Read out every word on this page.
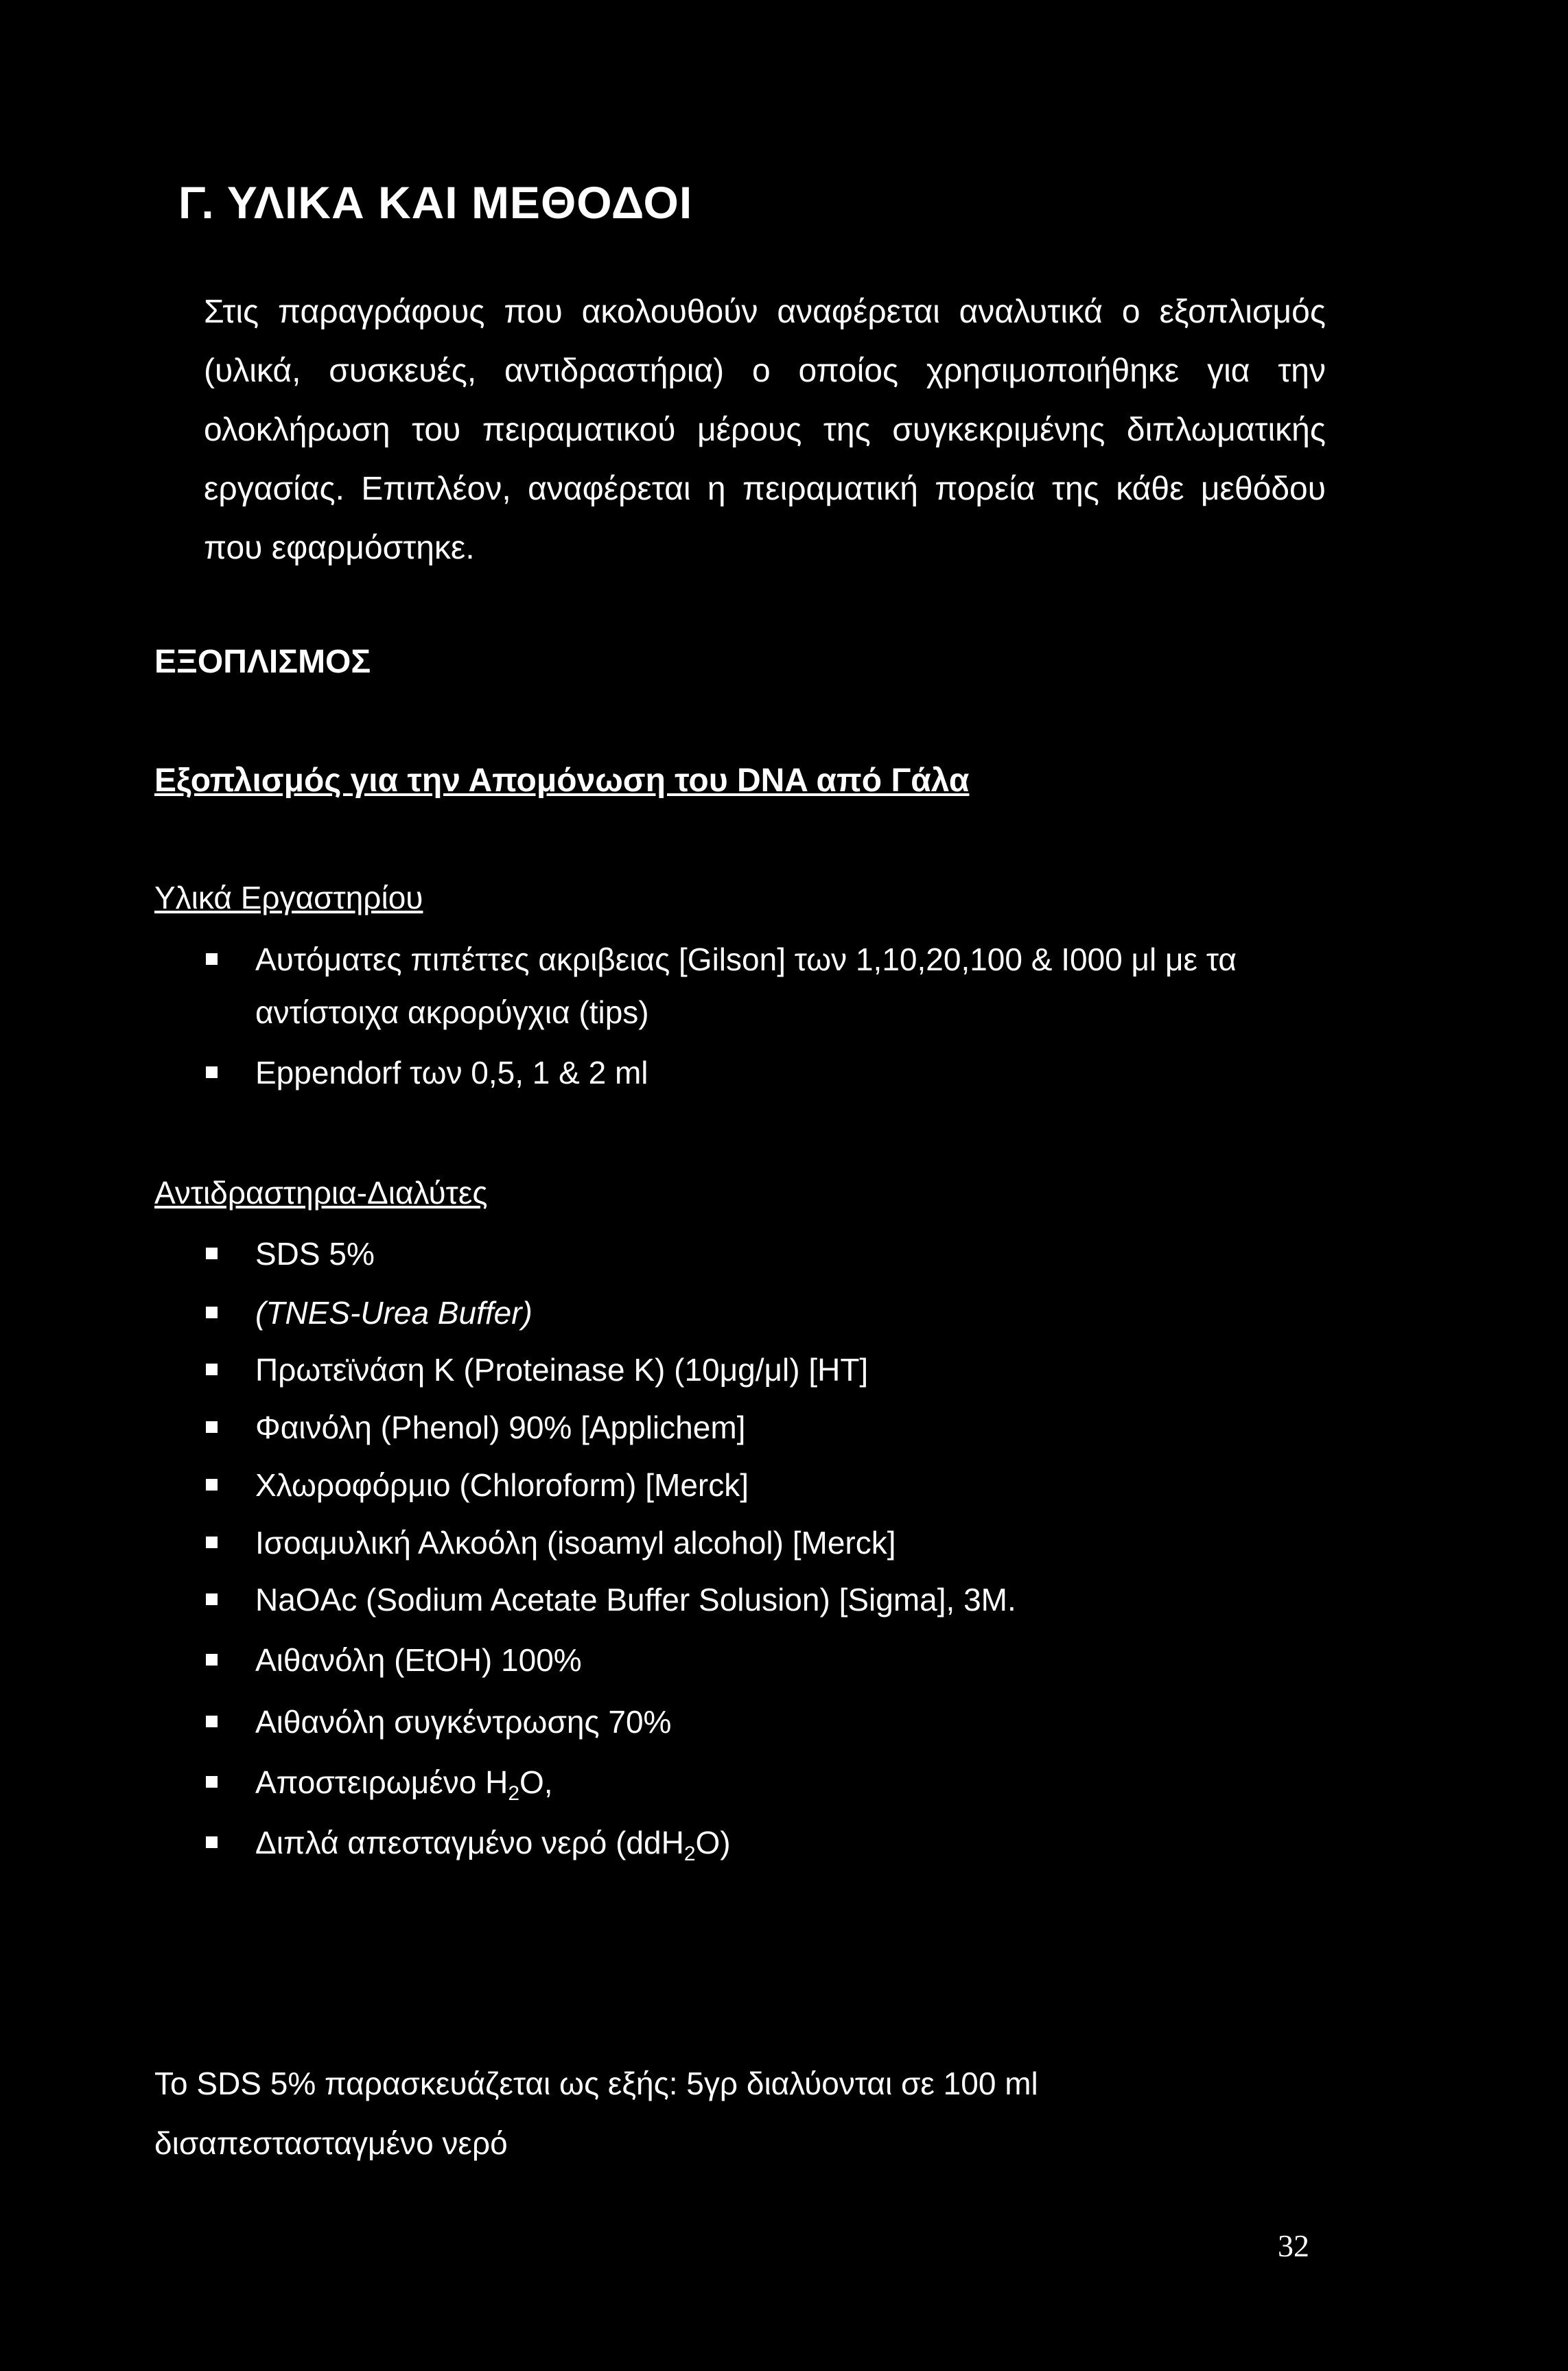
Γ. ΥΛΙΚΑ ΚΑΙ ΜΕΘΟΔΟΙ
Στις παραγράφους που ακολουθούν αναφέρεται αναλυτικά ο εξοπλισμός (υλικά, συσκευές, αντιδραστήρια) ο οποίος χρησιμοποιήθηκε για την ολοκλήρωση του πειραματικού μέρους της συγκεκριμένης διπλωματικής εργασίας. Επιπλέον, αναφέρεται η πειραματική πορεία της κάθε μεθόδου που εφαρμόστηκε.
ΕΞΟΠΛΙΣΜΟΣ
Εξοπλισμός για την Απομόνωση του DNA από Γάλα
Υλικά Εργαστηρίου
Αυτόματες πιπέττες ακριβειας [Gilson] των 1,10,20,100 & Ι000 μl με τα
αντίστοιχα ακρορύγχια (tips)
Eppendorf των 0,5, 1 & 2 ml
Αντιδραστηρια-Διαλύτες
SDS 5%
(TNES-Urea Buffer)
Πρωτεϊνάση Κ (Proteinase K) (10μg/μl) [HT]
Φαινόλη (Phenol) 90% [Applichem]
Χλωροφόρμιο (Chloroform) [Merck]
Ισοαμυλική Αλκοόλη (isoamyl alcohol) [Merck]
NaOAc (Sodium Acetate Buffer Solusion) [Sigma], 3M.
Αιθανόλη (EtOH) 100%
Αιθανόλη συγκέντρωσης 70%
Αποστειρωμένο $H_2O$,
Διπλά απεσταγμένο νερό (ddH$_2$O)
Το SDS 5% παρασκευάζεται ως εξής: 5γρ διαλύονται σε 100 ml
δισαπεστασταγμένο νερό
32
